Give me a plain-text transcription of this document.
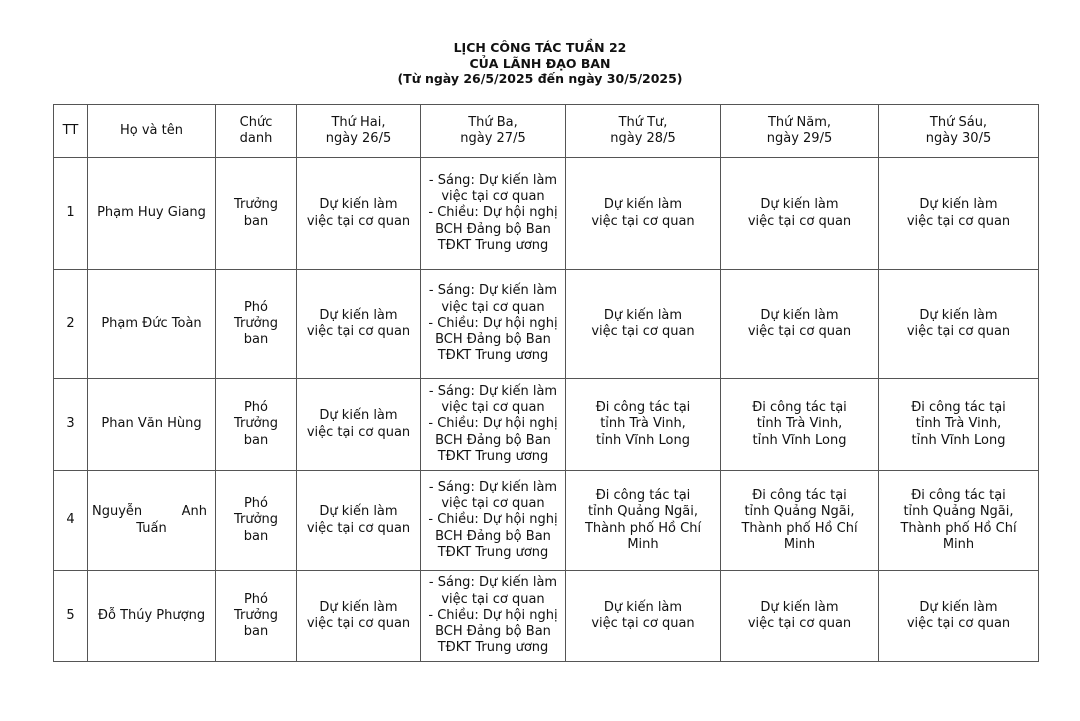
LỊCH CÔNG TÁC TUẦN 22
CỦA LÃNH ĐẠO BAN
(Từ ngày 26/5/2025 đến ngày 30/5/2025)
TT	Họ và tên	Chức
danh	Thứ Hai,
ngày 26/5	Thứ Ba,
ngày 27/5	Thứ Tư,
ngày 28/5	Thứ Năm,
ngày 29/5	Thứ Sáu,
ngày 30/5

1	Phạm Huy Giang	Trưởng
ban	Dự kiến làm
việc tại cơ quan	- Sáng: Dự kiến làm
việc tại cơ quan
- Chiều: Dự hội nghị
BCH Đảng bộ Ban
TĐKT Trung ương	Dự kiến làm
việc tại cơ quan	Dự kiến làm
việc tại cơ quan	Dự kiến làm
việc tại cơ quan

2	Phạm Đức Toàn	Phó
Trưởng
ban	Dự kiến làm
việc tại cơ quan	- Sáng: Dự kiến làm
việc tại cơ quan
- Chiều: Dự hội nghị
BCH Đảng bộ Ban
TĐKT Trung ương	Dự kiến làm
việc tại cơ quan	Dự kiến làm
việc tại cơ quan	Dự kiến làm
việc tại cơ quan

3	Phan Văn Hùng	Phó
Trưởng
ban	Dự kiến làm
việc tại cơ quan	- Sáng: Dự kiến làm
việc tại cơ quan
- Chiều: Dự hội nghị
BCH Đảng bộ Ban
TĐKT Trung ương	Đi công tác tại
tỉnh Trà Vinh,
tỉnh Vĩnh Long	Đi công tác tại
tỉnh Trà Vinh,
tỉnh Vĩnh Long	Đi công tác tại
tỉnh Trà Vinh,
tỉnh Vĩnh Long

4	Nguyễn Anh
Tuấn	Phó
Trưởng
ban	Dự kiến làm
việc tại cơ quan	- Sáng: Dự kiến làm
việc tại cơ quan
- Chiều: Dự hội nghị
BCH Đảng bộ Ban
TĐKT Trung ương	Đi công tác tại
tỉnh Quảng Ngãi,
Thành phố Hồ Chí
Minh	Đi công tác tại
tỉnh Quảng Ngãi,
Thành phố Hồ Chí
Minh	Đi công tác tại
tỉnh Quảng Ngãi,
Thành phố Hồ Chí
Minh

5	Đỗ Thúy Phượng	Phó
Trưởng
ban	Dự kiến làm
việc tại cơ quan	- Sáng: Dự kiến làm
việc tại cơ quan
- Chiều: Dự hội nghị
BCH Đảng bộ Ban
TĐKT Trung ương	Dự kiến làm
việc tại cơ quan	Dự kiến làm
việc tại cơ quan	Dự kiến làm
việc tại cơ quan
